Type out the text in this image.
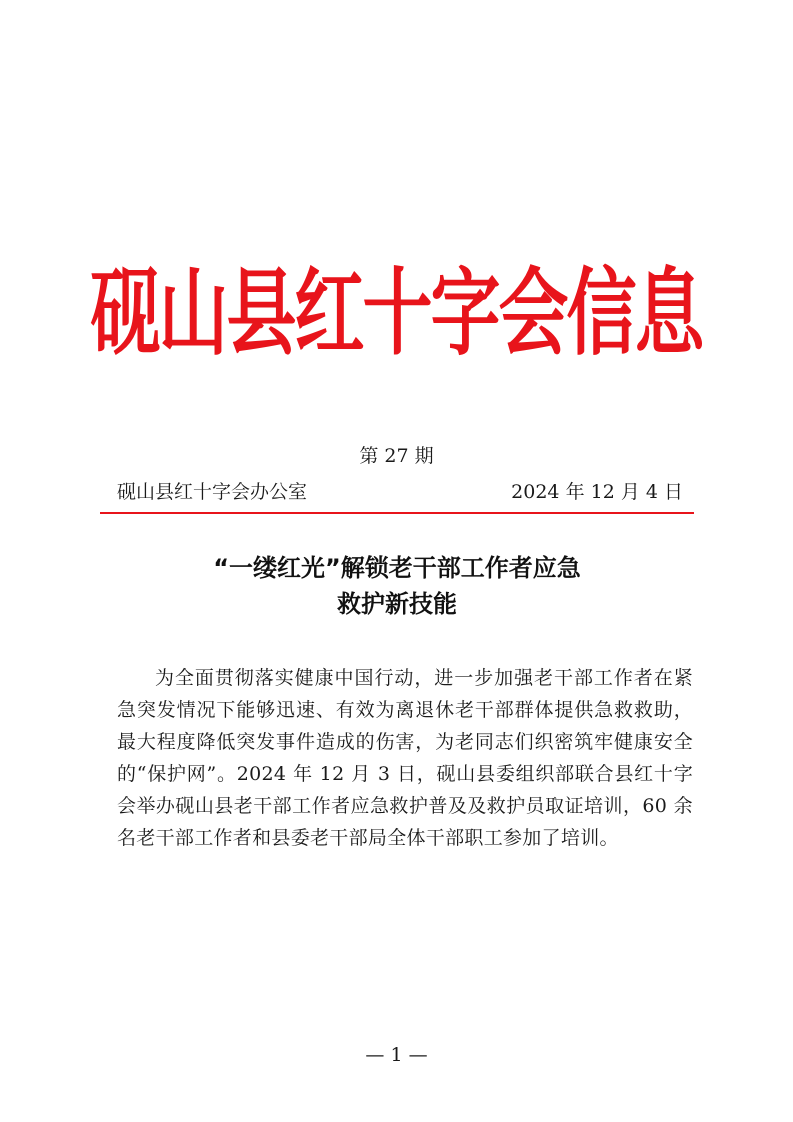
砚山县红十字会信息
第 27 期
砚山县红十字会办公室	2024 年 12 月 4 日
“一缕红光”解锁老干部工作者应急
救护新技能

为全面贯彻落实健康中国行动，进一步加强老干部工作者在紧急突发情况下能够迅速、有效为离退休老干部群体提供急救救助，最大程度降低突发事件造成的伤害，为老同志们织密筑牢健康安全的“保护网”。2024 年 12 月 3 日，砚山县委组织部联合县红十字会举办砚山县老干部工作者应急救护普及及救护员取证培训，60 余名老干部工作者和县委老干部局全体干部职工参加了培训。

— 1 —
